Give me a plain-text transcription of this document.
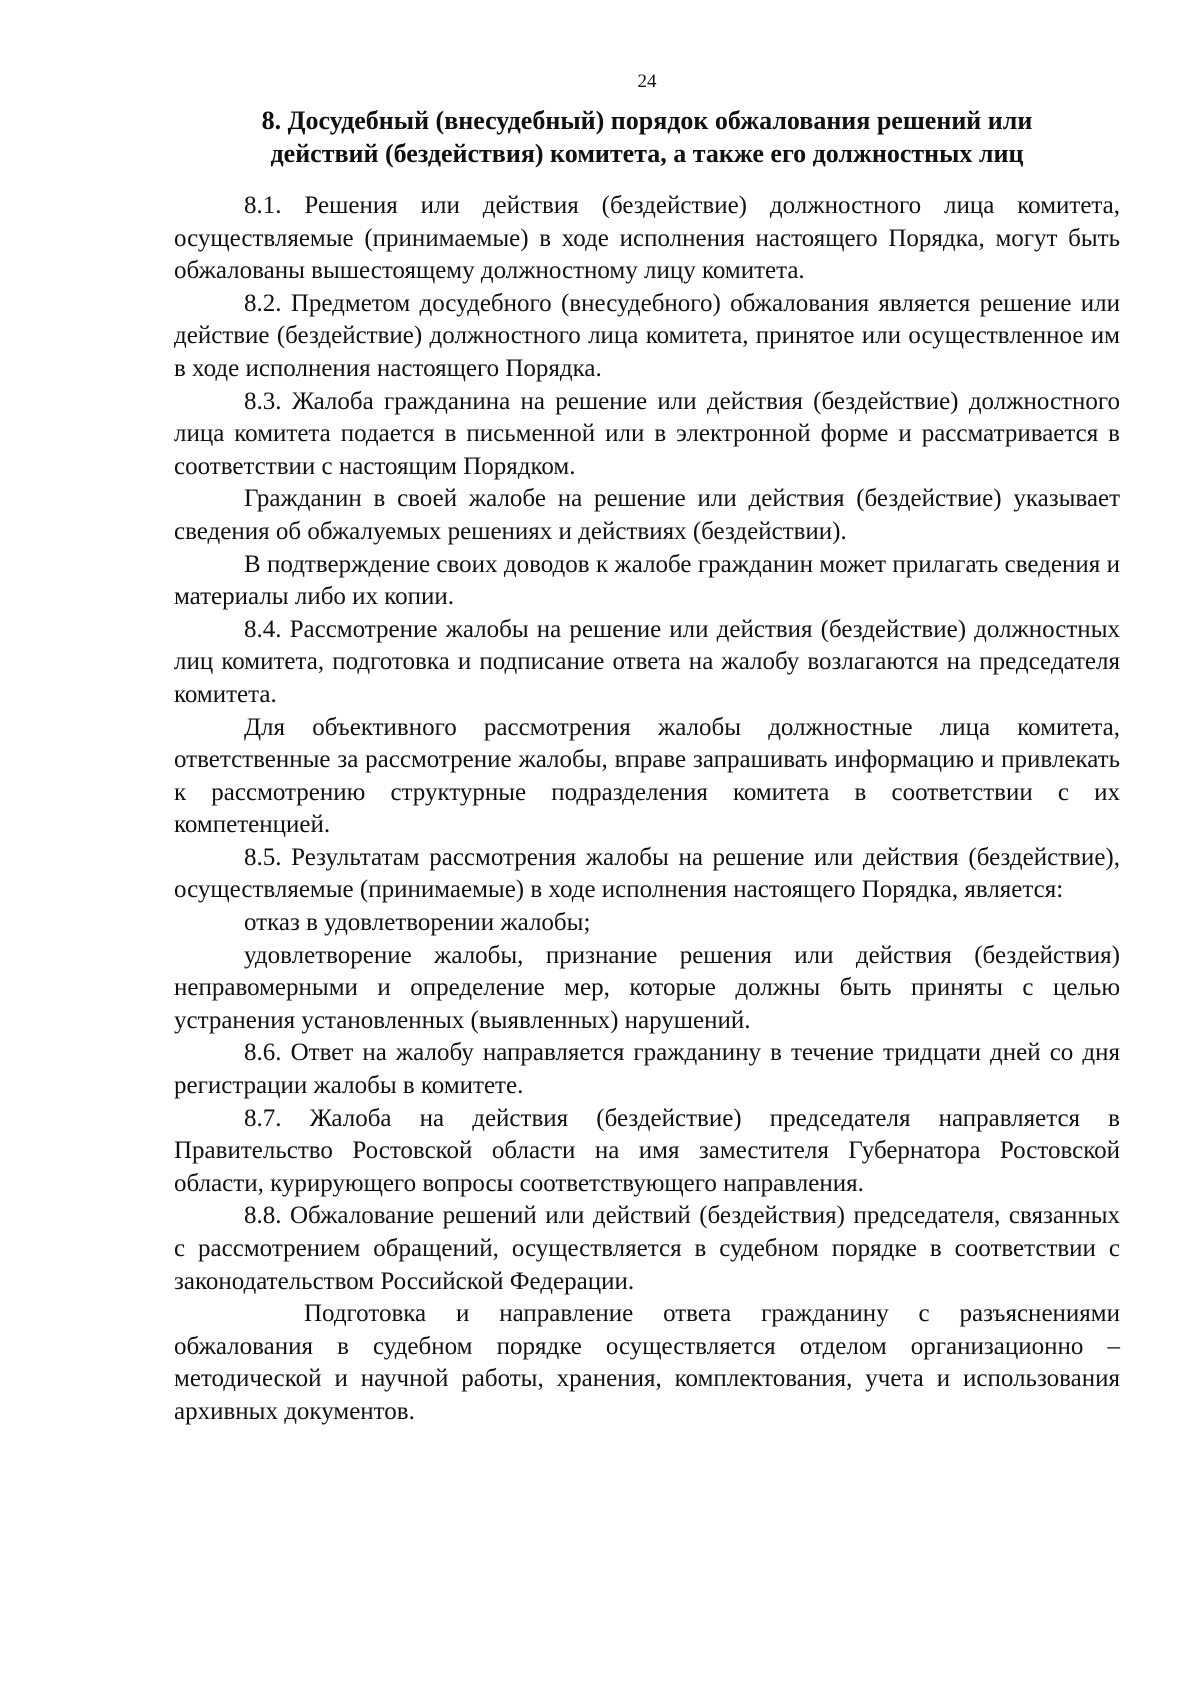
24
8. Досудебный (внесудебный) порядок обжалования решений или
действий (бездействия) комитета, а также его должностных лиц

8.1. Решения или действия (бездействие) должностного лица комитета, осуществляемые (принимаемые) в ходе исполнения настоящего Порядка, могут быть обжалованы вышестоящему должностному лицу комитета.

8.2. Предметом досудебного (внесудебного) обжалования является решение или действие (бездействие) должностного лица комитета, принятое или осуществленное им в ходе исполнения настоящего Порядка.

8.3. Жалоба гражданина на решение или действия (бездействие) должностного лица комитета подается в письменной или в электронной форме и рассматривается в соответствии с настоящим Порядком.

Гражданин в своей жалобе на решение или действия (бездействие) указывает сведения об обжалуемых решениях и действиях (бездействии).

В подтверждение своих доводов к жалобе гражданин может прилагать сведения и материалы либо их копии.

8.4. Рассмотрение жалобы на решение или действия (бездействие) должностных лиц комитета, подготовка и подписание ответа на жалобу возлагаются на председателя комитета.

Для объективного рассмотрения жалобы должностные лица комитета, ответственные за рассмотрение жалобы, вправе запрашивать информацию и привлекать к рассмотрению структурные подразделения комитета в соответствии с их компетенцией.

8.5. Результатам рассмотрения жалобы на решение или действия (бездействие), осуществляемые (принимаемые) в ходе исполнения настоящего Порядка, является:

отказ в удовлетворении жалобы;

удовлетворение жалобы, признание решения или действия (бездействия) неправомерными и определение мер, которые должны быть приняты с целью устранения установленных (выявленных) нарушений.

8.6. Ответ на жалобу направляется гражданину в течение тридцати дней со дня регистрации жалобы в комитете.

8.7. Жалоба на действия (бездействие) председателя направляется в Правительство Ростовской области на имя заместителя Губернатора Ростовской области, курирующего вопросы соответствующего направления.

8.8. Обжалование решений или действий (бездействия) председателя, связанных с рассмотрением обращений, осуществляется в судебном порядке в соответствии с законодательством Российской Федерации.

Подготовка и направление ответа гражданину с разъяснениями обжалования в судебном порядке осуществляется отделом организационно – методической и научной работы, хранения, комплектования, учета и использования архивных документов.
